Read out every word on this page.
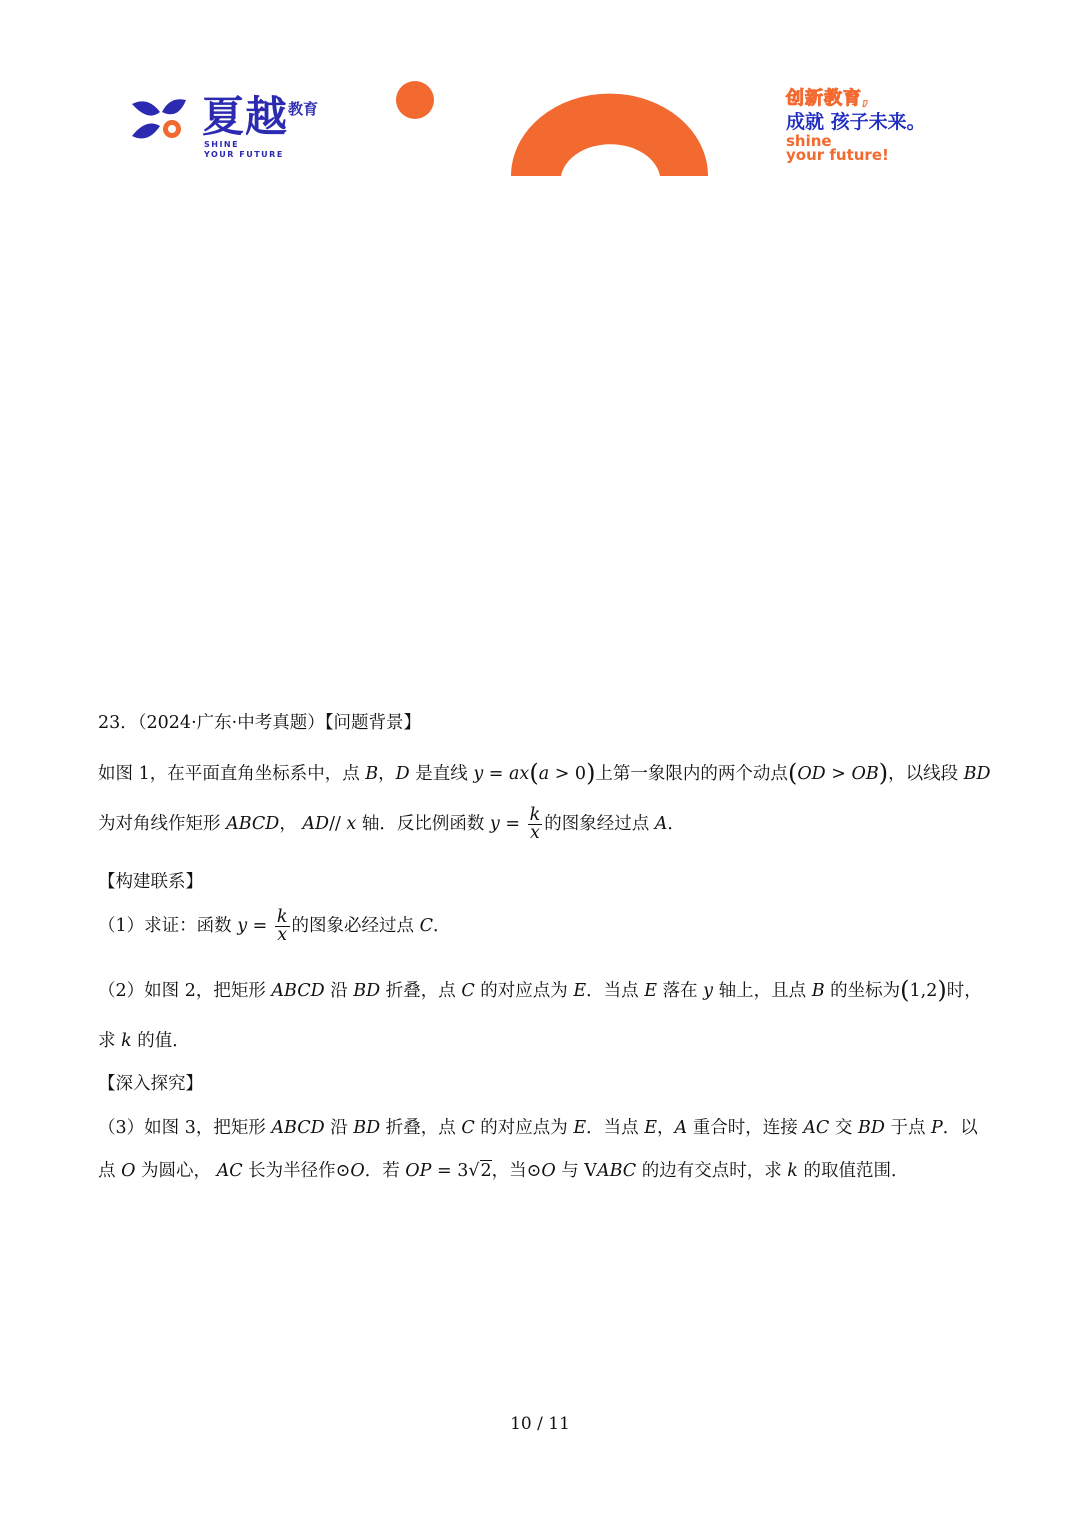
夏越教育
SHINE
YOUR FUTURE
创新教育,
成就 孩子未来。
shine
your future!
23．（2024·广东·中考真题）【问题背景】
如图 1，在平面直角坐标系中，点 B，D 是直线 y = ax(a > 0)上第一象限内的两个动点(OD > OB)，以线段 BD
为对角线作矩形 ABCD， AD// x 轴．反比例函数 $y = \frac{k}{x}$ 的图象经过点 A．
【构建联系】
（1）求证：函数 $y = \frac{k}{x}$ 的图象必经过点 C．
（2）如图 2，把矩形 ABCD 沿 BD 折叠，点 C 的对应点为 E．当点 E 落在 y 轴上，且点 B 的坐标为(1,2)时，
求 k 的值．
【深入探究】
（3）如图 3，把矩形 ABCD 沿 BD 折叠，点 C 的对应点为 E．当点 E，A 重合时，连接 AC 交 BD 于点 P．以
点 O 为圆心， AC 长为半径作⊙O．若 OP = 3√2，当⊙O 与 VABC 的边有交点时，求 k 的取值范围．
10 / 11
